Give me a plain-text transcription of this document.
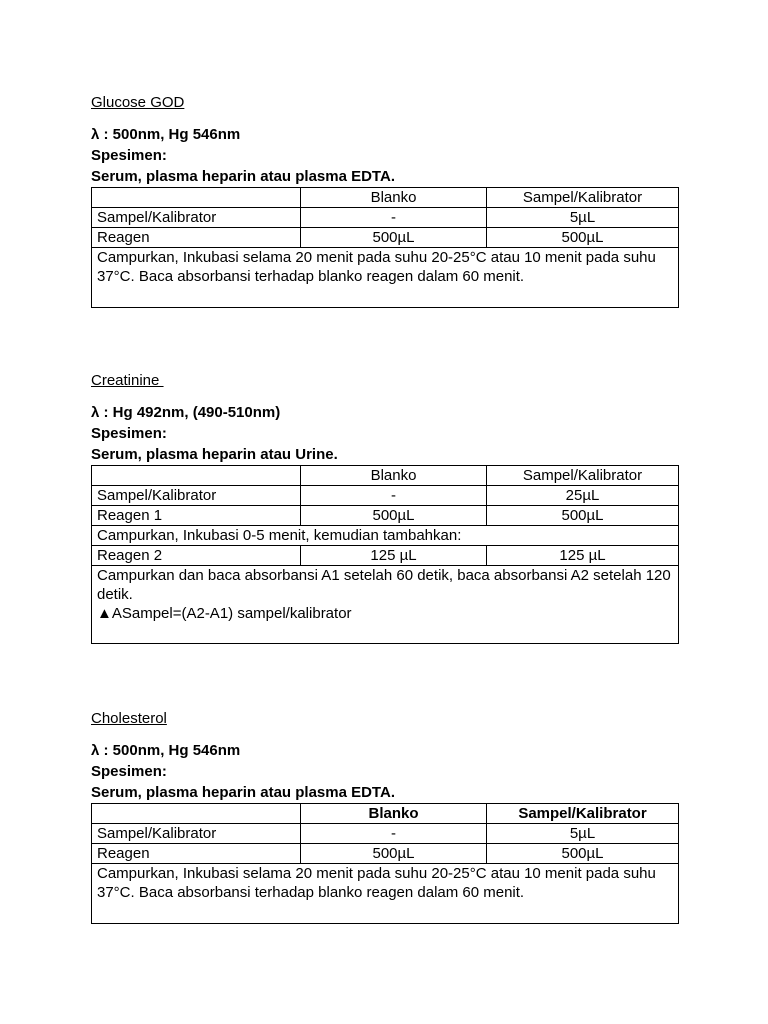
Glucose GOD
λ : 500nm, Hg 546nm
Spesimen:
Serum, plasma heparin atau plasma EDTA.
	Blanko	Sampel/Kalibrator
Sampel/Kalibrator	-	5µL
Reagen	500µL	500µL
Campurkan, Inkubasi selama 20 menit pada suhu 20-25°C atau 10 menit pada suhu 37°C. Baca absorbansi terhadap blanko reagen dalam 60 menit.		
Creatinine
λ : Hg 492nm, (490-510nm)
Spesimen:
Serum, plasma heparin atau Urine.
	Blanko	Sampel/Kalibrator
Sampel/Kalibrator	-	25µL
Reagen 1	500µL	500µL
Campurkan, Inkubasi 0-5 menit, kemudian tambahkan:		
Reagen 2	125 µL	125 µL

Campurkan dan baca absorbansi A1 setelah 60 detik, baca absorbansi A2 setelah 120 detik.
▲ASampel=(A2-A1) sampel/kalibrator		
Cholesterol
λ : 500nm, Hg 546nm
Spesimen:
Serum, plasma heparin atau plasma EDTA.
	Blanko	Sampel/Kalibrator
Sampel/Kalibrator	-	5µL
Reagen	500µL	500µL
Campurkan, Inkubasi selama 20 menit pada suhu 20-25°C atau 10 menit pada suhu 37°C. Baca absorbansi terhadap blanko reagen dalam 60 menit.		
